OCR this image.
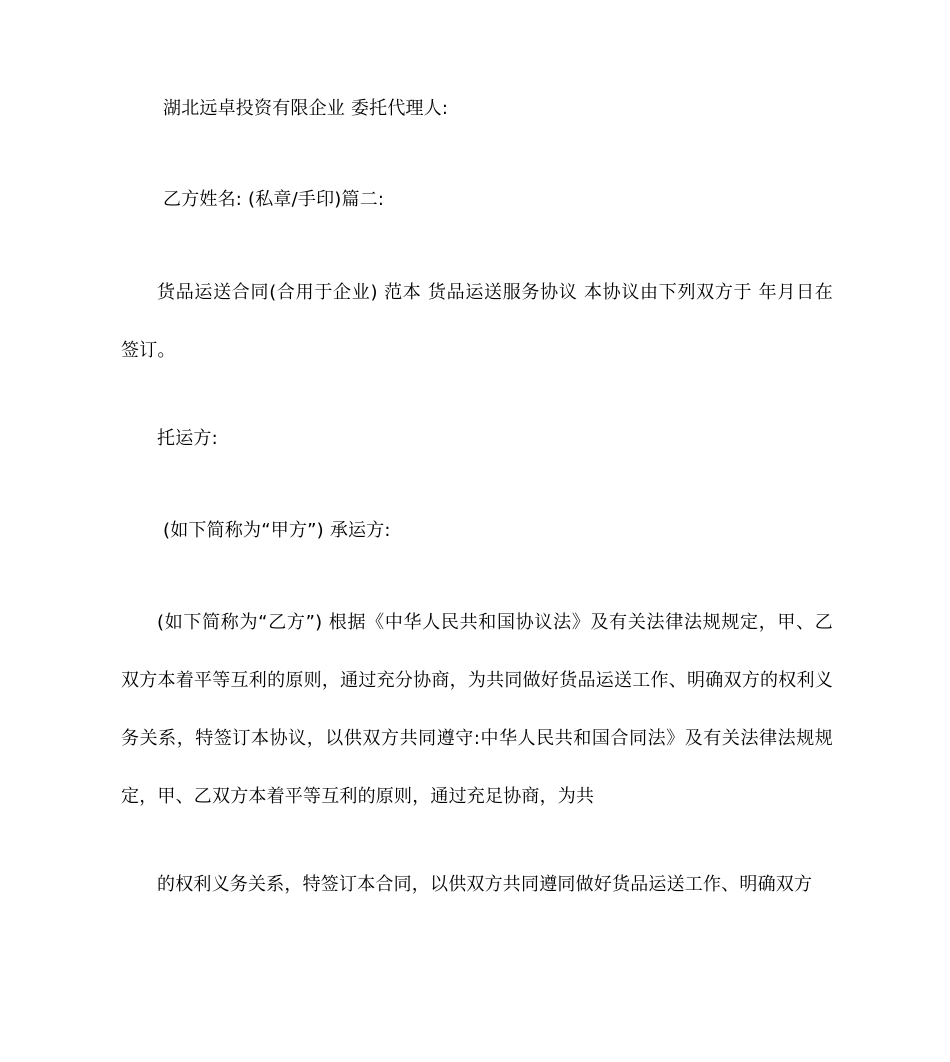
湖北远卓投资有限企业 委托代理人:

乙方姓名: (私章/手印)篇二:

货品运送合同(合用于企业) 范本 货品运送服务协议 本协议由下列双方于 年月日在 签订。

托运方:

(如下简称为“甲方”) 承运方:

(如下简称为“乙方”) 根据《中华人民共和国协议法》及有关法律法规规定，甲、乙双方本着平等互利的原则，通过充分协商，为共同做好货品运送工作、明确双方的权利义务关系，特签订本协议，以供双方共同遵守:中华人民共和国合同法》及有关法律法规规定，甲、乙双方本着平等互利的原则，通过充足协商，为共

的权利义务关系，特签订本合同，以供双方共同遵同做好货品运送工作、明确双方
